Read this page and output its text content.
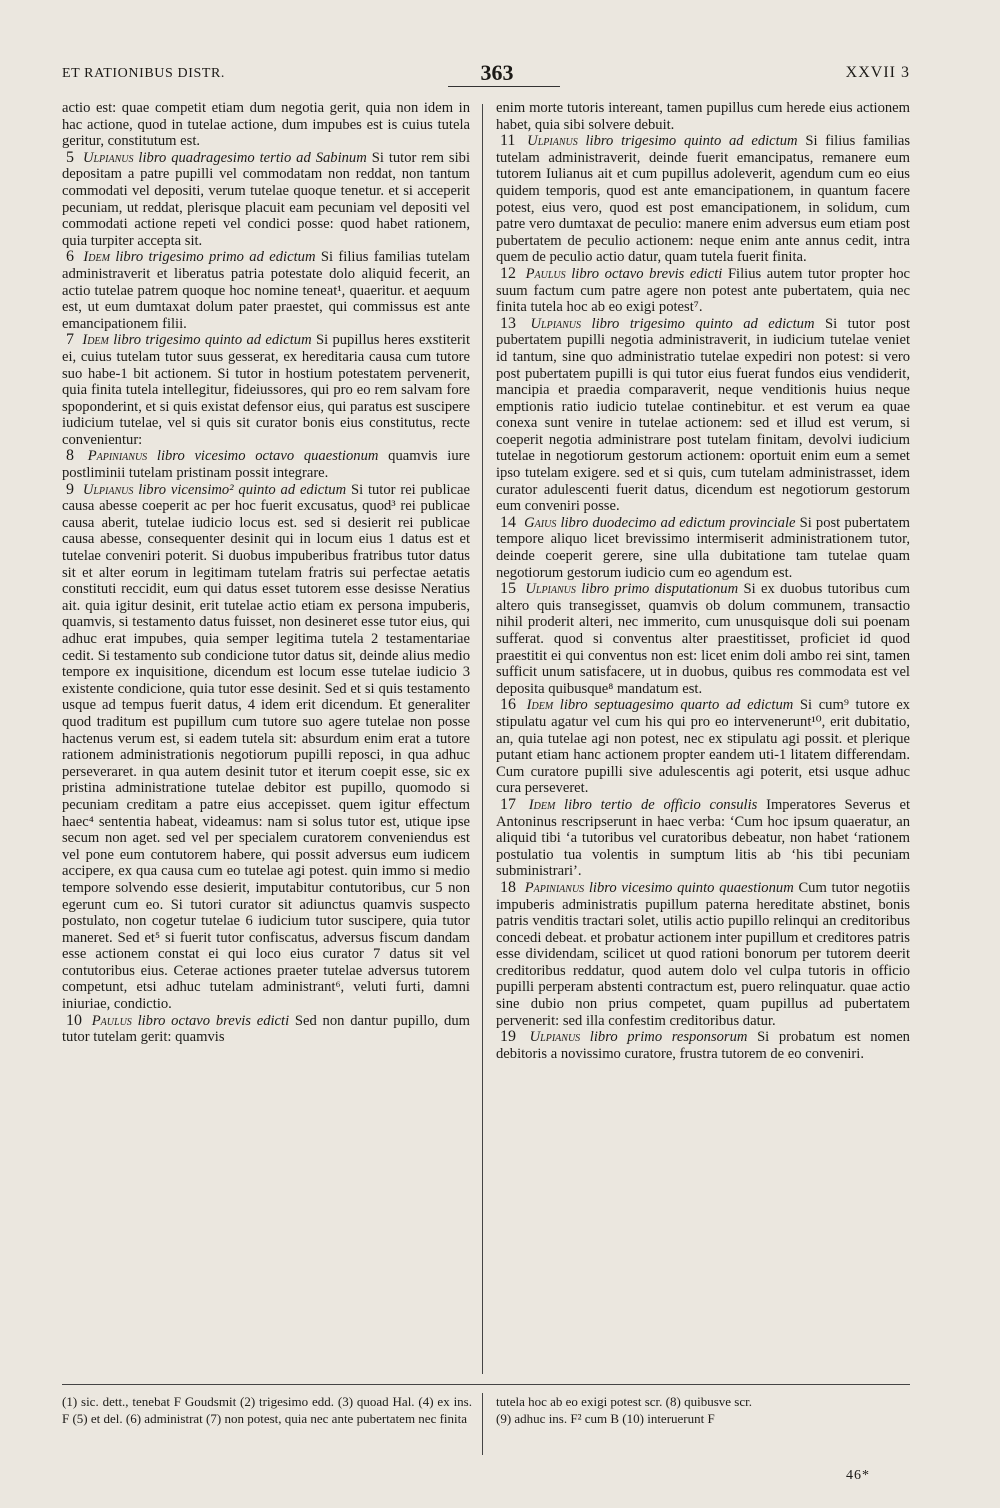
ET RATIONIBUS DISTR.	363	XXVII 3

actio est: quae competit etiam dum negotia gerit, quia non idem in hac actione, quod in tutelae actione, dum impubes est is cuius tutela geritur, constitutum est.

5 Ulpianus libro quadragesimo tertio ad Sabinum Si tutor rem sibi depositam a patre pupilli vel commodatam non reddat, non tantum commodati vel depositi, verum tutelae quoque tenetur. et si acceperit pecuniam, ut reddat, plerisque placuit eam pecuniam vel depositi vel commodati actione repeti vel condici posse: quod habet rationem, quia turpiter accepta sit.

6 Idem libro trigesimo primo ad edictum Si filius familias tutelam administraverit et liberatus patria potestate dolo aliquid fecerit, an actio tutelae patrem quoque hoc nomine teneat¹, quaeritur. et aequum est, ut eum dumtaxat dolum pater praestet, qui commissus est ante emancipationem filii.

7 Idem libro trigesimo quinto ad edictum Si pupillus heres exstiterit ei, cuius tutelam tutor suus gesserat, ex hereditaria causa cum tutore suo habe-1 bit actionem. Si tutor in hostium potestatem pervenerit, quia finita tutela intellegitur, fideiussores, qui pro eo rem salvam fore spoponderint, et si quis existat defensor eius, qui paratus est suscipere iudicium tutelae, vel si quis sit curator bonis eius constitutus, recte convenientur:

8 Papinianus libro vicesimo octavo quaestionum quamvis iure postliminii tutelam pristinam possit integrare.

9 Ulpianus libro vicensimo² quinto ad edictum Si tutor rei publicae causa abesse coeperit ac per hoc fuerit excusatus, quod³ rei publicae causa aberit, tutelae iudicio locus est. sed si desierit rei publicae causa abesse, consequenter desinit qui in locum eius 1 datus est et tutelae conveniri poterit. Si duobus impuberibus fratribus tutor datus sit et alter eorum in legitimam tutelam fratris sui perfectae aetatis constituti reccidit, eum qui datus esset tutorem esse desisse Neratius ait. quia igitur desinit, erit tutelae actio etiam ex persona impuberis, quamvis, si testamento datus fuisset, non desineret esse tutor eius, qui adhuc erat impubes, quia semper legitima tutela 2 testamentariae cedit. Si testamento sub condicione tutor datus sit, deinde alius medio tempore ex inquisitione, dicendum est locum esse tutelae iudicio 3 existente condicione, quia tutor esse desinit. Sed et si quis testamento usque ad tempus fuerit datus, 4 idem erit dicendum. Et generaliter quod traditum est pupillum cum tutore suo agere tutelae non posse hactenus verum est, si eadem tutela sit: absurdum enim erat a tutore rationem administrationis negotiorum pupilli reposci, in qua adhuc perseveraret. in qua autem desinit tutor et iterum coepit esse, sic ex pristina administratione tutelae debitor est pupillo, quomodo si pecuniam creditam a patre eius accepisset. quem igitur effectum haec⁴ sententia habeat, videamus: nam si solus tutor est, utique ipse secum non aget. sed vel per specialem curatorem conveniendus est vel pone eum contutorem habere, qui possit adversus eum iudicem accipere, ex qua causa cum eo tutelae agi potest. quin immo si medio tempore solvendo esse desierit, imputabitur contutoribus, cur 5 non egerunt cum eo. Si tutori curator sit adiunctus quamvis suspecto postulato, non cogetur tutelae 6 iudicium tutor suscipere, quia tutor maneret. Sed et⁵ si fuerit tutor confiscatus, adversus fiscum dandam esse actionem constat ei qui loco eius curator 7 datus sit vel contutoribus eius. Ceterae actiones praeter tutelae adversus tutorem competunt, etsi adhuc tutelam administrant⁶, veluti furti, damni iniuriae, condictio.

10 Paulus libro octavo brevis edicti Sed non dantur pupillo, dum tutor tutelam gerit: quamvis

enim morte tutoris intereant, tamen pupillus cum herede eius actionem habet, quia sibi solvere debuit.

11 Ulpianus libro trigesimo quinto ad edictum Si filius familias tutelam administraverit, deinde fuerit emancipatus, remanere eum tutorem Iulianus ait et cum pupillus adoleverit, agendum cum eo eius quidem temporis, quod est ante emancipationem, in quantum facere potest, eius vero, quod est post emancipationem, in solidum, cum patre vero dumtaxat de peculio: manere enim adversus eum etiam post pubertatem de peculio actionem: neque enim ante annus cedit, intra quem de peculio actio datur, quam tutela fuerit finita.

12 Paulus libro octavo brevis edicti Filius autem tutor propter hoc suum factum cum patre agere non potest ante pubertatem, quia nec finita tutela hoc ab eo exigi potest⁷.

13 Ulpianus libro trigesimo quinto ad edictum Si tutor post pubertatem pupilli negotia administraverit, in iudicium tutelae veniet id tantum, sine quo administratio tutelae expediri non potest: si vero post pubertatem pupilli is qui tutor eius fuerat fundos eius vendiderit, mancipia et praedia comparaverit, neque venditionis huius neque emptionis ratio iudicio tutelae continebitur. et est verum ea quae conexa sunt venire in tutelae actionem: sed et illud est verum, si coeperit negotia administrare post tutelam finitam, devolvi iudicium tutelae in negotiorum gestorum actionem: oportuit enim eum a semet ipso tutelam exigere. sed et si quis, cum tutelam administrasset, idem curator adulescenti fuerit datus, dicendum est negotiorum gestorum eum conveniri posse.

14 Gaius libro duodecimo ad edictum provinciale Si post pubertatem tempore aliquo licet brevissimo intermiserit administrationem tutor, deinde coeperit gerere, sine ulla dubitatione tam tutelae quam negotiorum gestorum iudicio cum eo agendum est.

15 Ulpianus libro primo disputationum Si ex duobus tutoribus cum altero quis transegisset, quamvis ob dolum communem, transactio nihil proderit alteri, nec immerito, cum unusquisque doli sui poenam sufferat. quod si conventus alter praestitisset, proficiet id quod praestitit ei qui conventus non est: licet enim doli ambo rei sint, tamen sufficit unum satisfacere, ut in duobus, quibus res commodata est vel deposita quibusque⁸ mandatum est.

16 Idem libro septuagesimo quarto ad edictum Si cum⁹ tutore ex stipulatu agatur vel cum his qui pro eo intervenerunt¹⁰, erit dubitatio, an, quia tutelae agi non potest, nec ex stipulatu agi possit. et plerique putant etiam hanc actionem propter eandem uti-1 litatem differendam. Cum curatore pupilli sive adulescentis agi poterit, etsi usque adhuc cura perseveret.

17 Idem libro tertio de officio consulis Imperatores Severus et Antoninus rescripserunt in haec verba: ‘Cum hoc ipsum quaeratur, an aliquid tibi ‘a tutoribus vel curatoribus debeatur, non habet ‘rationem postulatio tua volentis in sumptum litis ab ‘his tibi pecuniam subministrari’.

18 Papinianus libro vicesimo quinto quaestionum Cum tutor negotiis impuberis administratis pupillum paterna hereditate abstinet, bonis patris venditis tractari solet, utilis actio pupillo relinqui an creditoribus concedi debeat. et probatur actionem inter pupillum et creditores patris esse dividendam, scilicet ut quod rationi bonorum per tutorem deerit creditoribus reddatur, quod autem dolo vel culpa tutoris in officio pupilli perperam abstenti contractum est, puero relinquatur. quae actio sine dubio non prius competet, quam pupillus ad pubertatem pervenerit: sed illa confestim creditoribus datur.

19 Ulpianus libro primo responsorum Si probatum est nomen debitoris a novissimo curatore, frustra tutorem de eo conveniri.

(1) sic. dett., tenebat F Goudsmit (2) trigesimo edd. (3) quoad Hal. (4) ex ins. F (5) et del. (6) administrat (7) non potest, quia nec ante pubertatem nec finita
tutela hoc ab eo exigi potest scr. (8) quibusve scr.
(9) adhuc ins. F² cum B (10) interuerunt F
46*
